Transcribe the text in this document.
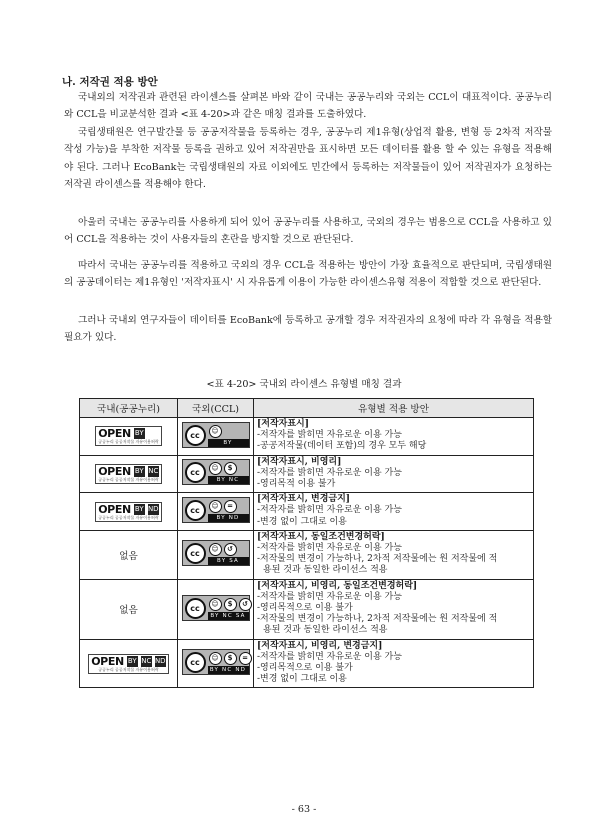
나. 저작권 적용 방안

국내외의 저작권과 관련된 라이센스를 살펴본 바와 같이 국내는 공공누리와 국외는 CCL이 대표적이다. 공공누리와 CCL을 비교분석한 결과 <표 4-20>과 같은 매칭 결과를 도출하였다.

국립생태원은 연구발간물 등 공공저작물을 등록하는 경우, 공공누리 제1유형(상업적 활용, 변형 등 2차적 저작물 작성 가능)을 부착한 저작물 등록을 권하고 있어 저작권만을 표시하면 모든 데이터를 활용 할 수 있는 유형을 적용해야 된다. 그러나 EcoBank는 국립생태원의 자료 이외에도 민간에서 등록하는 저작물들이 있어 저작권자가 요청하는 저작권 라이센스를 적용해야 한다.

아울러 국내는 공공누리를 사용하게 되어 있어 공공누리를 사용하고, 국외의 경우는 범용으로 CCL을 사용하고 있어 CCL을 적용하는 것이 사용자들의 혼란을 방지할 것으로 판단된다.

따라서 국내는 공공누리를 적용하고 국외의 경우 CCL을 적용하는 방안이 가장 효율적으로 판단되며, 국립생태원의 공공데이터는 제1유형인 '저작자표시' 시 자유롭게 이용이 가능한 라이센스유형 적용이 적합할 것으로 판단된다.

그러나 국내외 연구자들이 데이터를 EcoBank에 등록하고 공개할 경우 저작권자의 요청에 따라 각 유형을 적용할 필요가 있다.

<표 4-20> 국내외 라이센스 유형별 매칭 결과
국내(공공누리)	국외(CCL)	유형별 적용 방안

OPEN BY
공공누리 공공저작물 자유이용허락	cc ☺
BY	[저작자표시]
-저작자를 밝히면 자유로운 이용 가능
-공공저작물(데이터 포함)의 경우 모두 해당

OPEN BY NC
공공누리 공공저작물 자유이용허락	cc ☺ $
BY NC	[저작자표시, 비영리]
-저작자를 밝히면 자유로운 이용 가능
-영리목적 이용 불가

OPEN BY ND
공공누리 공공저작물 자유이용허락	cc ☺ =
BY ND	[저작자표시, 변경금지]
-저작자를 밝히면 자유로운 이용 가능
-변경 없이 그대로 이용

없음	cc ☺ ↺
BY SA	[저작자표시, 동일조건변경허락]
-저작자를 밝히면 자유로운 이용 가능
-저작물의 변경이 가능하나, 2차적 저작물에는 원 저작물에 적
용된 것과 동일한 라이선스 적용

없음	cc ☺ $ ↺
BY NC SA	[저작자표시, 비영리, 동일조건변경허락]
-저작자를 밝히면 자유로운 이용 가능
-영리목적으로 이용 불가
-저작물의 변경이 가능하나, 2차적 저작물에는 원 저작물에 적
용된 것과 동일한 라이선스 적용

OPEN BY NC ND
공공누리 공공저작물 자유이용허락	cc ☺ $ =
BY NC ND	[저작자표시, 비영리, 변경금지]
-저작자를 밝히면 자유로운 이용 가능
-영리목적으로 이용 불가
-변경 없이 그대로 이용
- 63 -
